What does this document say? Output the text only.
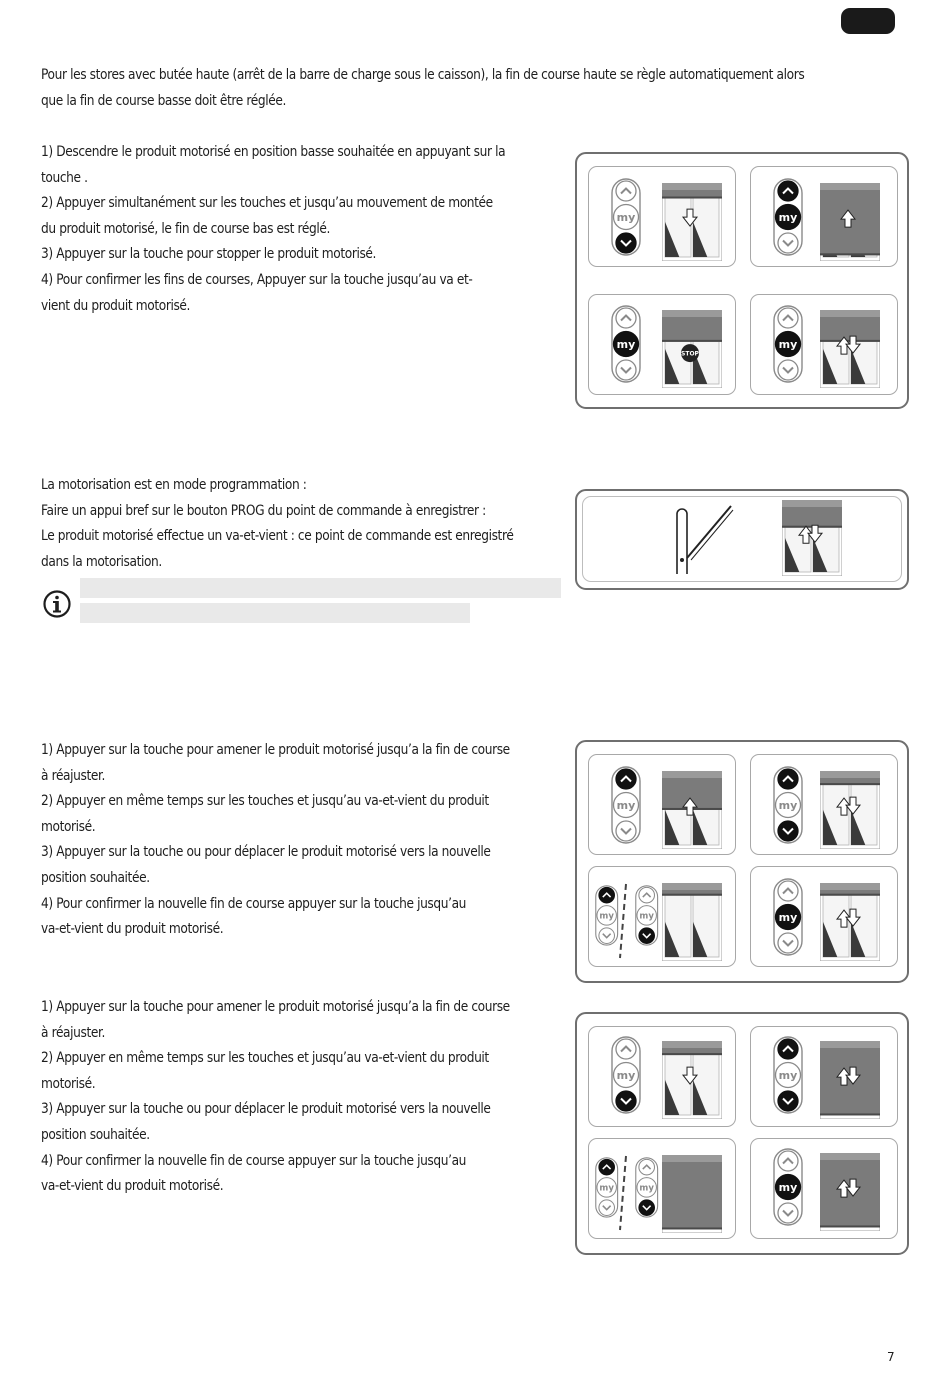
Pour les stores avec butée haute (arrêt de la barre de charge sous le caisson), la fin de course haute se règle automatiquement alors

que la fin de course basse doit être réglée.

1) Descendre le produit motorisé en position basse souhaitée en appuyant sur la

touche .

2) Appuyer simultanément sur les touches et jusqu’au mouvement de montée

du produit motorisé, le fin de course bas est réglé.

3) Appuyer sur la touche pour stopper le produit motorisé.

4) Pour confirmer les fins de courses, Appuyer sur la touche jusqu’au va et-

vient du produit motorisé.

La motorisation est en mode programmation :

Faire un appui bref sur le bouton PROG du point de commande à enregistrer :

Le produit motorisé effectue un va-et-vient : ce point de commande est enregistré

dans la motorisation.

1) Appuyer sur la touche pour amener le produit motorisé jusqu’a la fin de course

à réajuster.

2) Appuyer en même temps sur les touches et jusqu’au va-et-vient du produit

motorisé.

3) Appuyer sur la touche ou pour déplacer le produit motorisé vers la nouvelle

position souhaitée.

4) Pour confirmer la nouvelle fin de course appuyer sur la touche jusqu’au

va-et-vient du produit motorisé.

1) Appuyer sur la touche pour amener le produit motorisé jusqu’a la fin de course

à réajuster.

2) Appuyer en même temps sur les touches et jusqu’au va-et-vient du produit

motorisé.

3) Appuyer sur la touche ou pour déplacer le produit motorisé vers la nouvelle

position souhaitée.

4) Pour confirmer la nouvelle fin de course appuyer sur la touche jusqu’au

va-et-vient du produit motorisé.

7
my	my
my
STOP
my
my	my
my my	my
my	my
my my	my
